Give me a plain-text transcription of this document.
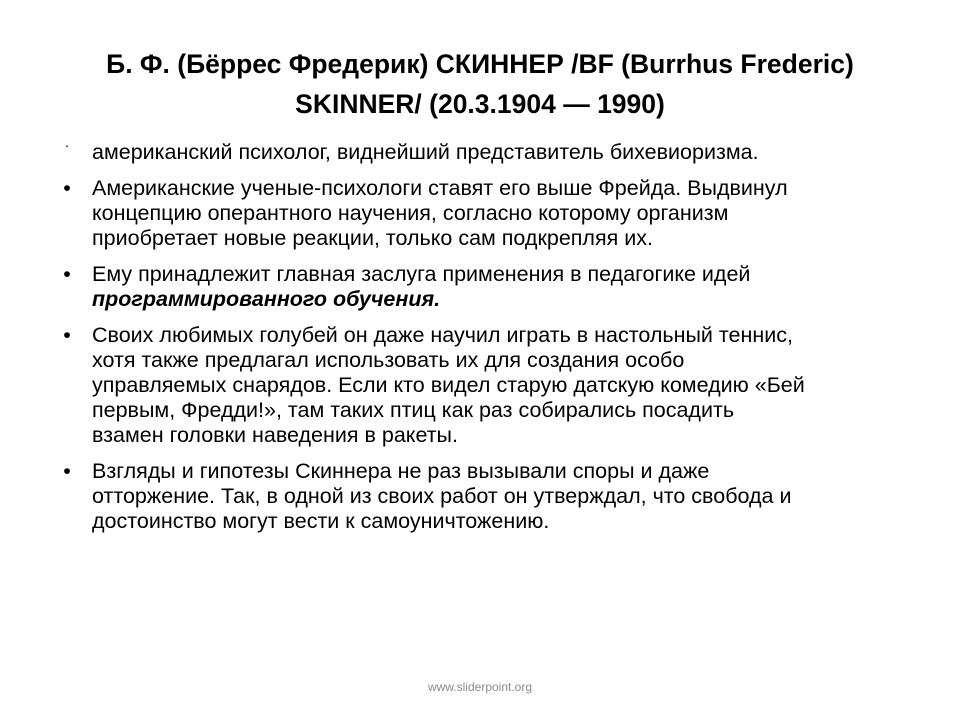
Б. Ф. (Бёррес Фредерик) СКИННЕР /BF (Burrhus Frederic)
SKINNER/ (20.3.1904 — 1990)
· американский психолог, виднейший представитель бихевиоризма.
• Американские ученые-психологи ставят его выше Фрейда. Выдвинул
концепцию оперантного научения, согласно которому организм
приобретает новые реакции, только сам подкрепляя их.
• Ему принадлежит главная заслуга применения в педагогике идей
программированного обучения.
• Своих любимых голубей он даже научил играть в настольный теннис,
хотя также предлагал использовать их для создания особо
управляемых снарядов. Если кто видел старую датскую комедию «Бей
первым, Фредди!», там таких птиц как раз собирались посадить
взамен головки наведения в ракеты.
• Взгляды и гипотезы Скиннера не раз вызывали споры и даже
отторжение. Так, в одной из своих работ он утверждал, что свобода и
достоинство могут вести к самоуничтожению.
www.sliderpoint.org
